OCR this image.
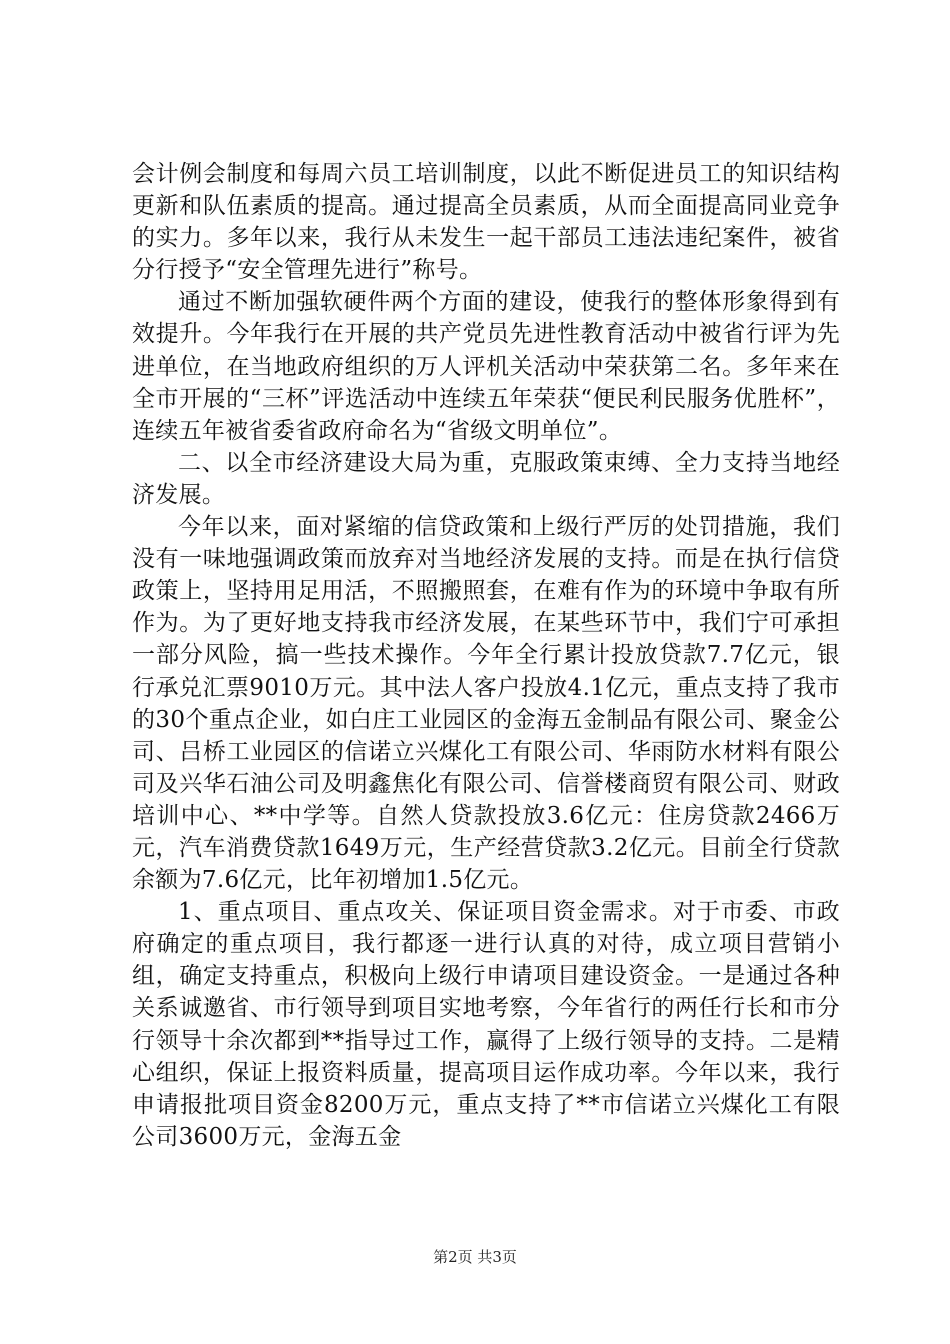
会计例会制度和每周六员工培训制度，以此不断促进员工的知识结构更新和队伍素质的提高。通过提高全员素质，从而全面提高同业竞争的实力。多年以来，我行从未发生一起干部员工违法违纪案件，被省分行授予“安全管理先进行”称号。

通过不断加强软硬件两个方面的建设，使我行的整体形象得到有效提升。今年我行在开展的共产党员先进性教育活动中被省行评为先进单位，在当地政府组织的万人评机关活动中荣获第二名。多年来在全市开展的“三杯”评选活动中连续五年荣获“便民利民服务优胜杯”，连续五年被省委省政府命名为“省级文明单位”。

二、以全市经济建设大局为重，克服政策束缚、全力支持当地经济发展。

今年以来，面对紧缩的信贷政策和上级行严厉的处罚措施，我们没有一味地强调政策而放弃对当地经济发展的支持。而是在执行信贷政策上，坚持用足用活，不照搬照套，在难有作为的环境中争取有所作为。为了更好地支持我市经济发展，在某些环节中，我们宁可承担一部分风险，搞一些技术操作。今年全行累计投放贷款7.7亿元，银行承兑汇票9010万元。其中法人客户投放4.1亿元，重点支持了我市的30个重点企业，如白庄工业园区的金海五金制品有限公司、聚金公司、吕桥工业园区的信诺立兴煤化工有限公司、华雨防水材料有限公司及兴华石油公司及明鑫焦化有限公司、信誉楼商贸有限公司、财政培训中心、**中学等。自然人贷款投放3.6亿元：住房贷款2466万元，汽车消费贷款1649万元，生产经营贷款3.2亿元。目前全行贷款余额为7.6亿元，比年初增加1.5亿元。

1、重点项目、重点攻关、保证项目资金需求。对于市委、市政府确定的重点项目，我行都逐一进行认真的对待，成立项目营销小组，确定支持重点，积极向上级行申请项目建设资金。一是通过各种关系诚邀省、市行领导到项目实地考察，今年省行的两任行长和市分行领导十余次都到**指导过工作，赢得了上级行领导的支持。二是精心组织，保证上报资料质量，提高项目运作成功率。今年以来，我行申请报批项目资金8200万元，重点支持了**市信诺立兴煤化工有限公司3600万元，金海五金

第2页 共3页
